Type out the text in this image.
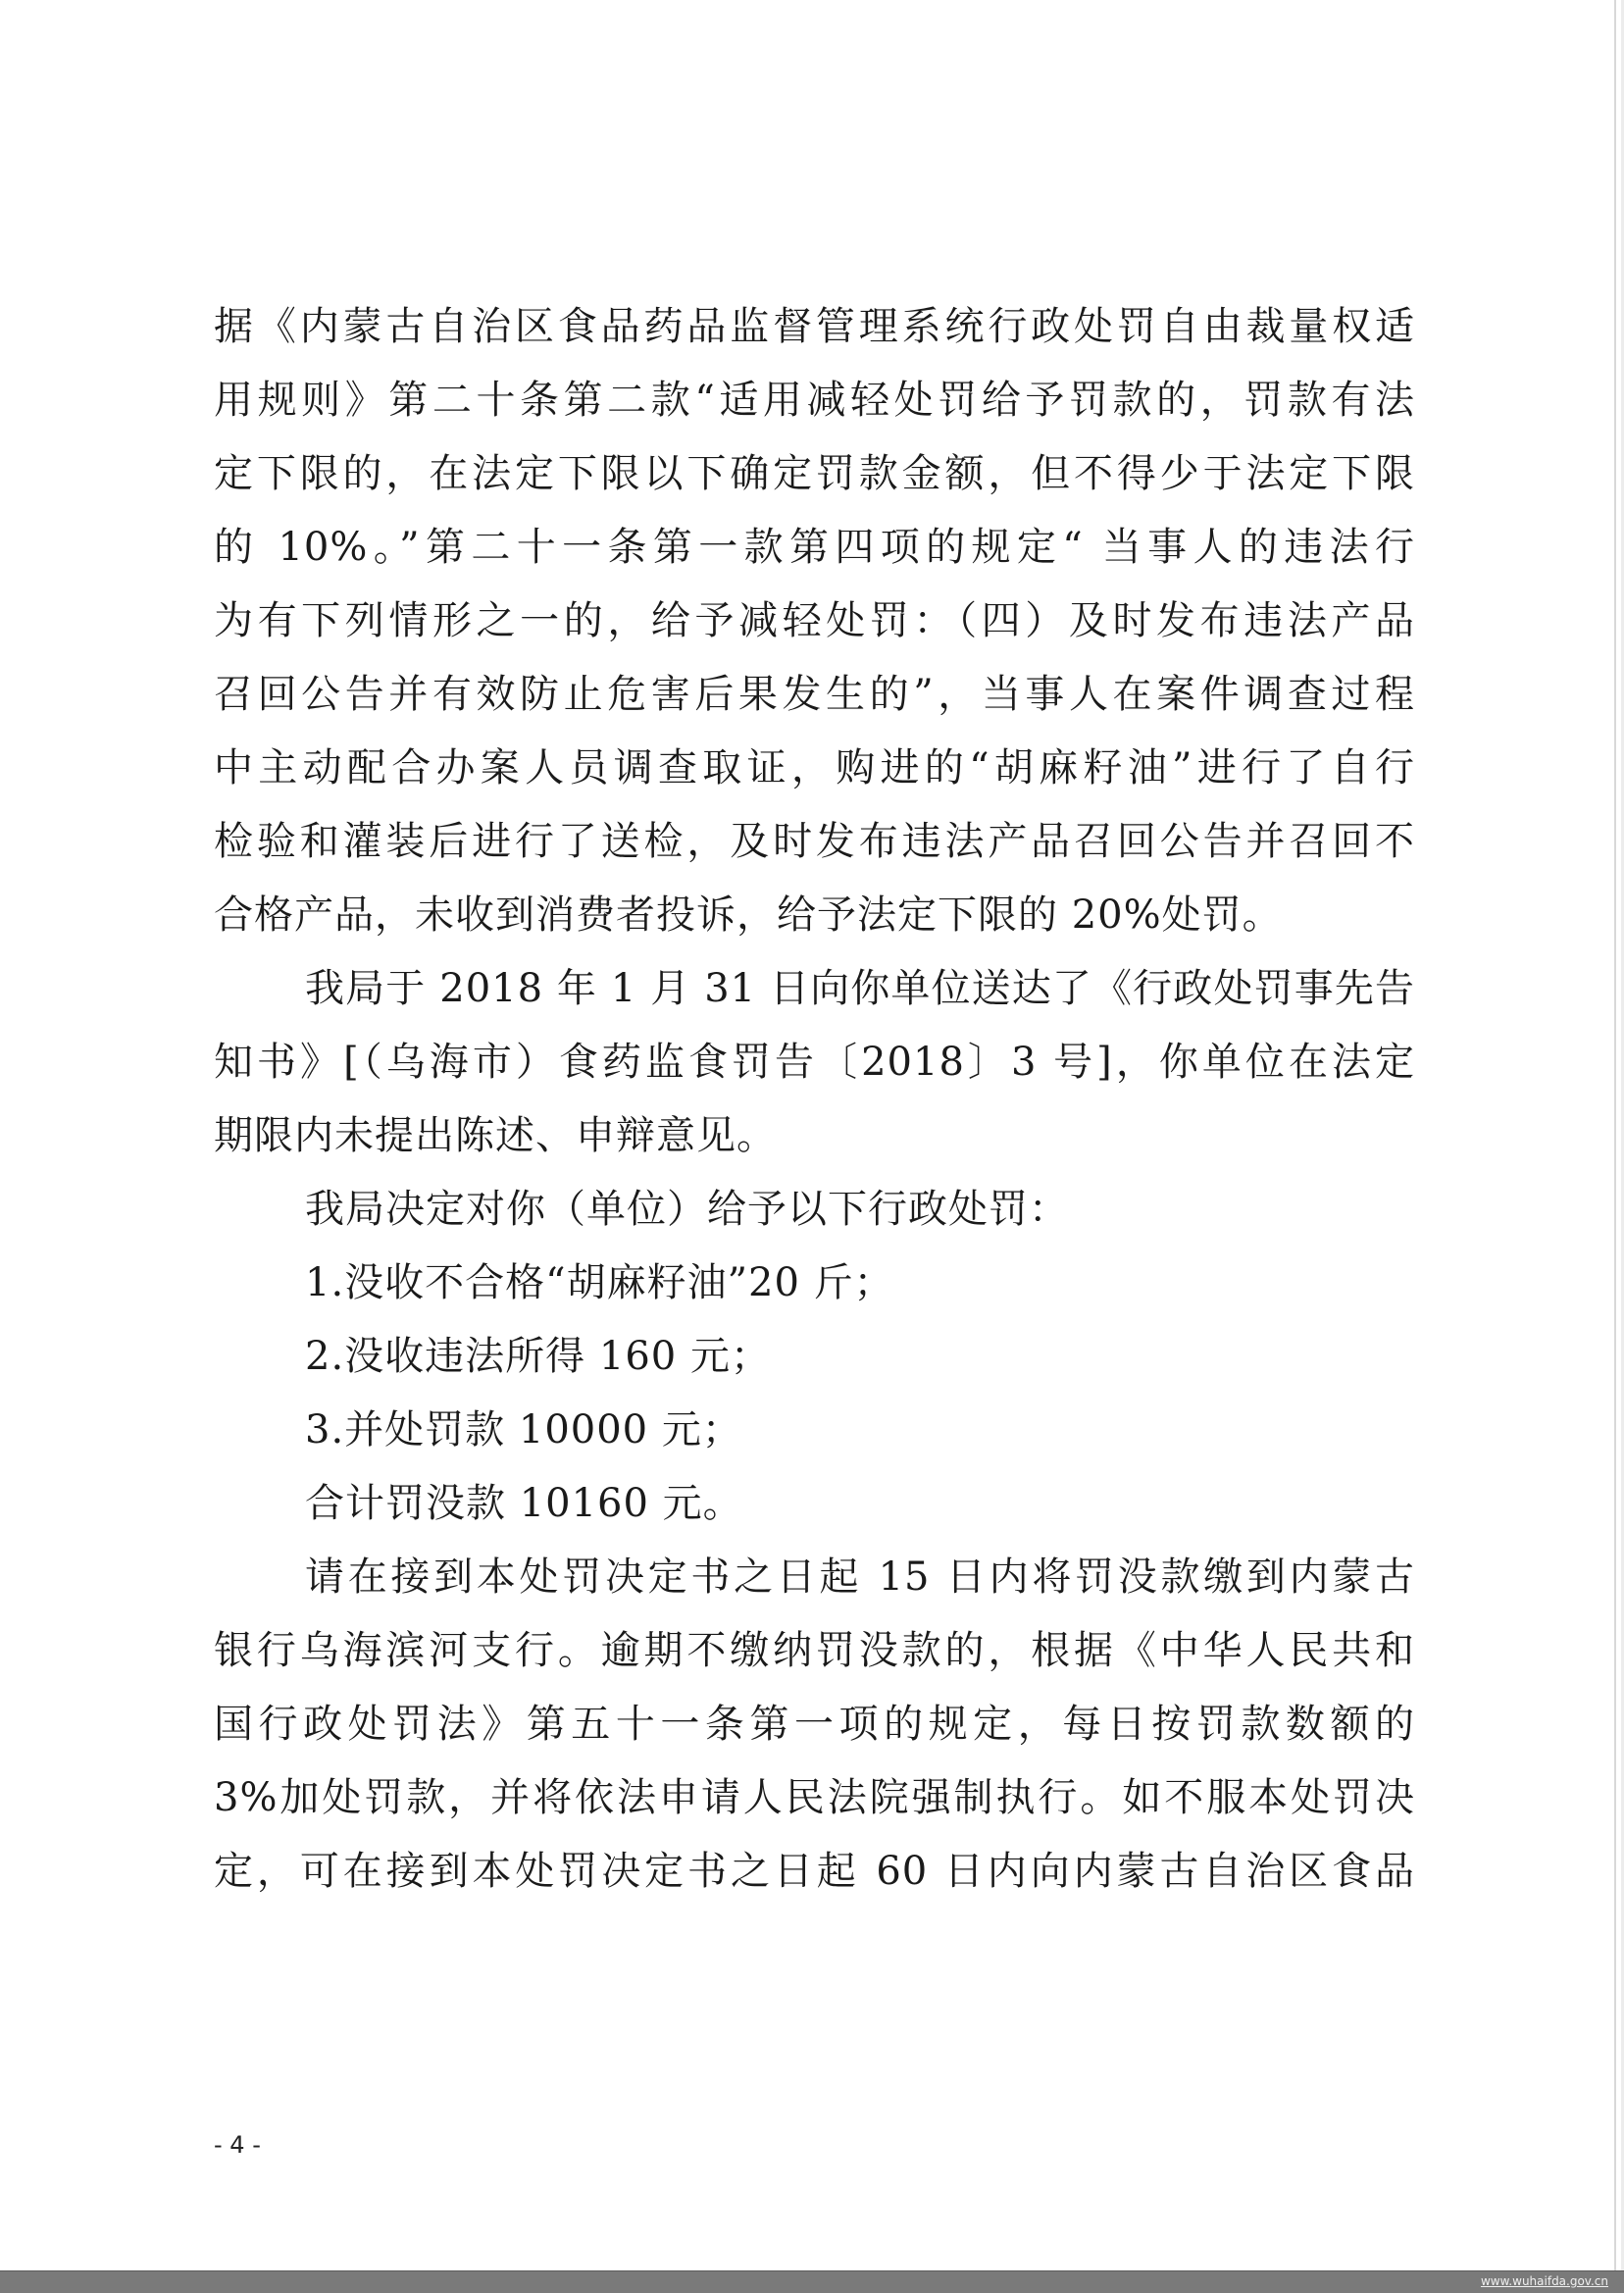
据《内蒙古自治区食品药品监督管理系统行政处罚自由裁量权适
用规则》第二十条第二款“适用减轻处罚给予罚款的，罚款有法
定下限的，在法定下限以下确定罚款金额，但不得少于法定下限
的 10%。”第二十一条第一款第四项的规定“ 当事人的违法行
为有下列情形之一的，给予减轻处罚：（四）及时发布违法产品
召回公告并有效防止危害后果发生的”，当事人在案件调查过程
中主动配合办案人员调查取证，购进的“胡麻籽油”进行了自行
检验和灌装后进行了送检，及时发布违法产品召回公告并召回不
合格产品，未收到消费者投诉，给予法定下限的 20%处罚。
我局于 2018 年 1 月 31 日向你单位送达了《行政处罚事先告
知书》[（乌海市）食药监食罚告〔2018〕3 号]，你单位在法定
期限内未提出陈述、申辩意见。
我局决定对你（单位）给予以下行政处罚：
1.没收不合格“胡麻籽油”20 斤；
2.没收违法所得 160 元；
3.并处罚款 10000 元；
合计罚没款 10160 元。
请在接到本处罚决定书之日起 15 日内将罚没款缴到内蒙古
银行乌海滨河支行。逾期不缴纳罚没款的，根据《中华人民共和
国行政处罚法》第五十一条第一项的规定，每日按罚款数额的
3%加处罚款，并将依法申请人民法院强制执行。如不服本处罚决
定，可在接到本处罚决定书之日起 60 日内向内蒙古自治区食品
- 4 -
www.wuhaifda.gov.cn
